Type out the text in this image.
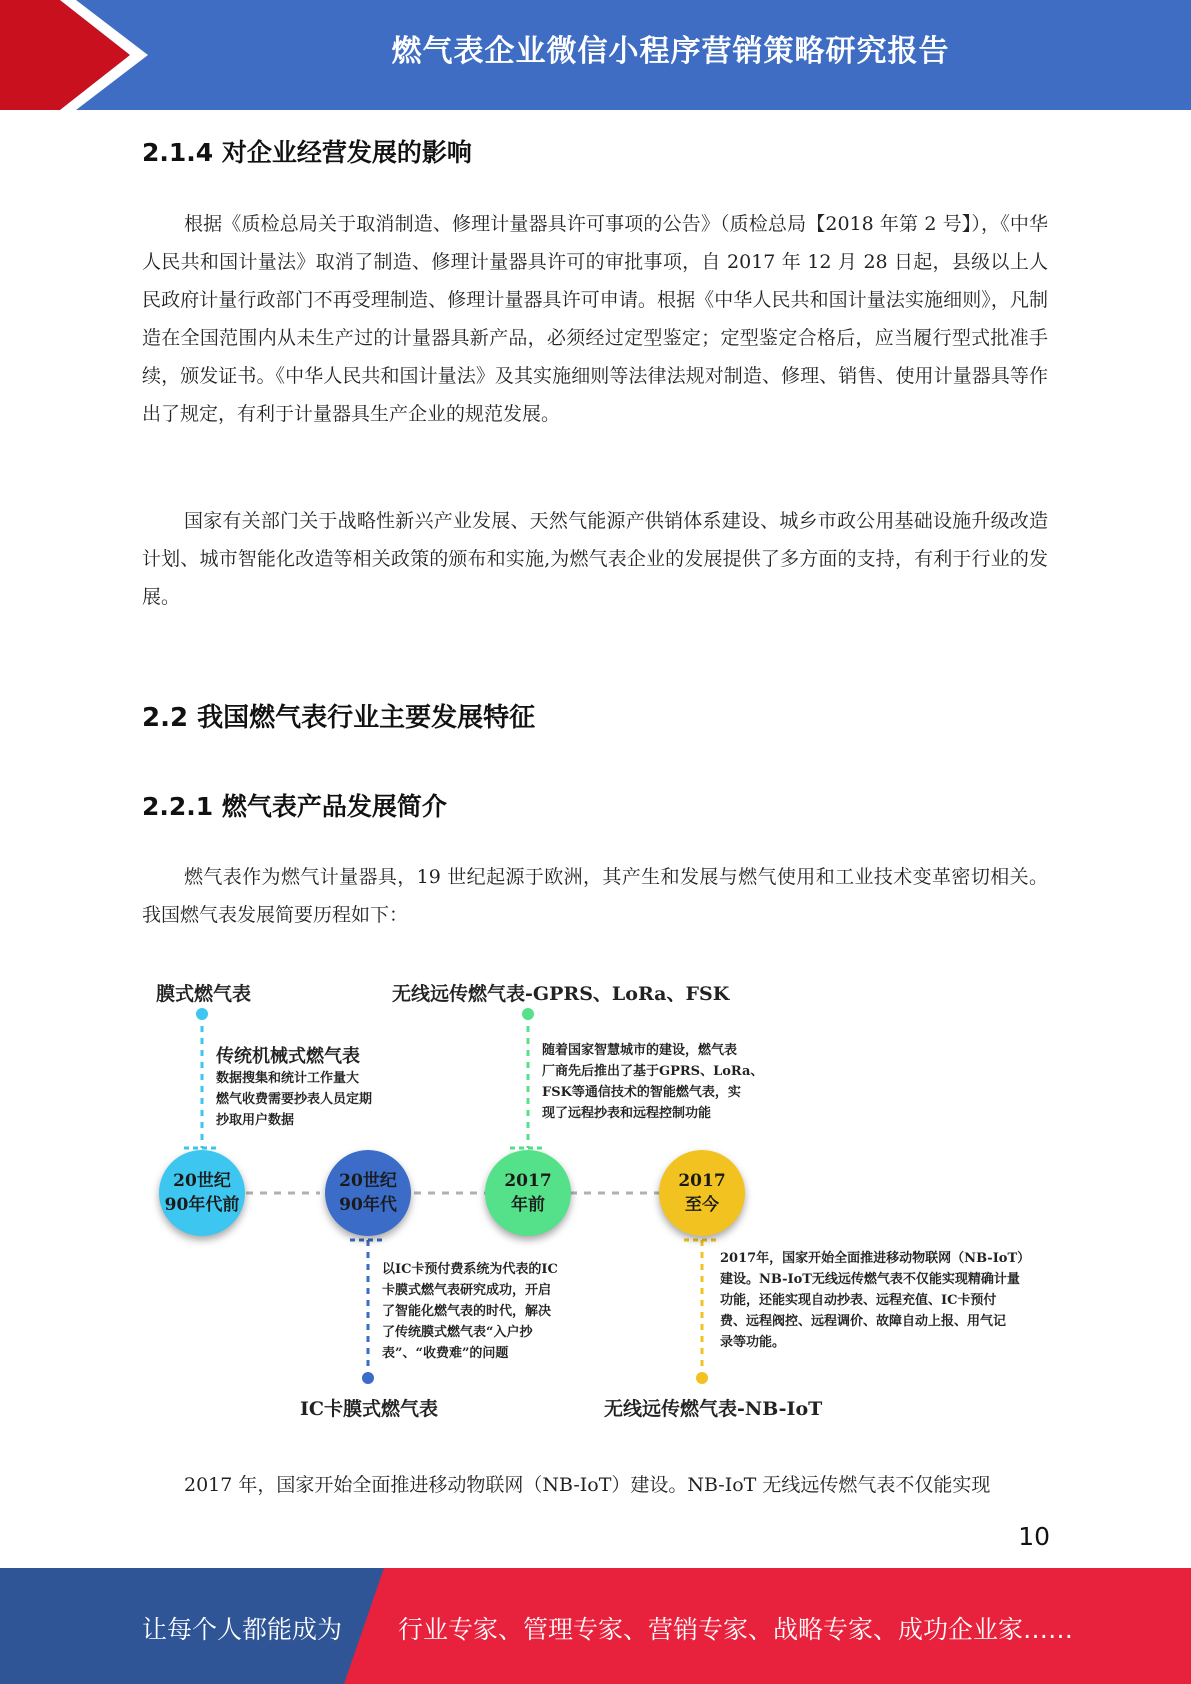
燃气表企业微信小程序营销策略研究报告
2.1.4 对企业经营发展的影响

根据《质检总局关于取消制造、修理计量器具许可事项的公告》（质检总局【2018 年第 2 号】），《中华人民共和国计量法》取消了制造、修理计量器具许可的审批事项，自 2017 年 12 月 28 日起，县级以上人民政府计量行政部门不再受理制造、修理计量器具许可申请。根据《中华人民共和国计量法实施细则》，凡制造在全国范围内从未生产过的计量器具新产品，必须经过定型鉴定；定型鉴定合格后，应当履行型式批准手续，颁发证书。《中华人民共和国计量法》及其实施细则等法律法规对制造、修理、销售、使用计量器具等作出了规定，有利于计量器具生产企业的规范发展。

国家有关部门关于战略性新兴产业发展、天然气能源产供销体系建设、城乡市政公用基础设施升级改造计划、城市智能化改造等相关政策的颁布和实施,为燃气表企业的发展提供了多方面的支持，有利于行业的发展。

2.2 我国燃气表行业主要发展特征
2.2.1 燃气表产品发展简介

燃气表作为燃气计量器具，19 世纪起源于欧洲，其产生和发展与燃气使用和工业技术变革密切相关。我国燃气表发展简要历程如下：

膜式燃气表	无线远传燃气表-GPRS、LoRa、FSK
传统机械式燃气表

数据搜集和统计工作量大
燃气收费需要抄表人员定期
抄取用户数据

随着国家智慧城市的建设，燃气表
厂商先后推出了基于GPRS、LoRa、
FSK等通信技术的智能燃气表，实
现了远程抄表和远程控制功能

20世纪
90年代前
20世纪
90年代
2017
年前
2017
至今

以IC卡预付费系统为代表的IC
卡膜式燃气表研究成功，开启
了智能化燃气表的时代，解决
了传统膜式燃气表“入户抄
表”、“收费难”的问题

2017年，国家开始全面推进移动物联网（NB-IoT）
建设。NB-IoT无线远传燃气表不仅能实现精确计量
功能，还能实现自动抄表、远程充值、IC卡预付
费、远程阀控、远程调价、故障自动上报、用气记
录等功能。

IC卡膜式燃气表	无线远传燃气表-NB-IoT

2017 年，国家开始全面推进移动物联网（NB-IoT）建设。NB-IoT 无线远传燃气表不仅能实现

10
让每个人都能成为 行业专家、管理专家、营销专家、战略专家、成功企业家……
